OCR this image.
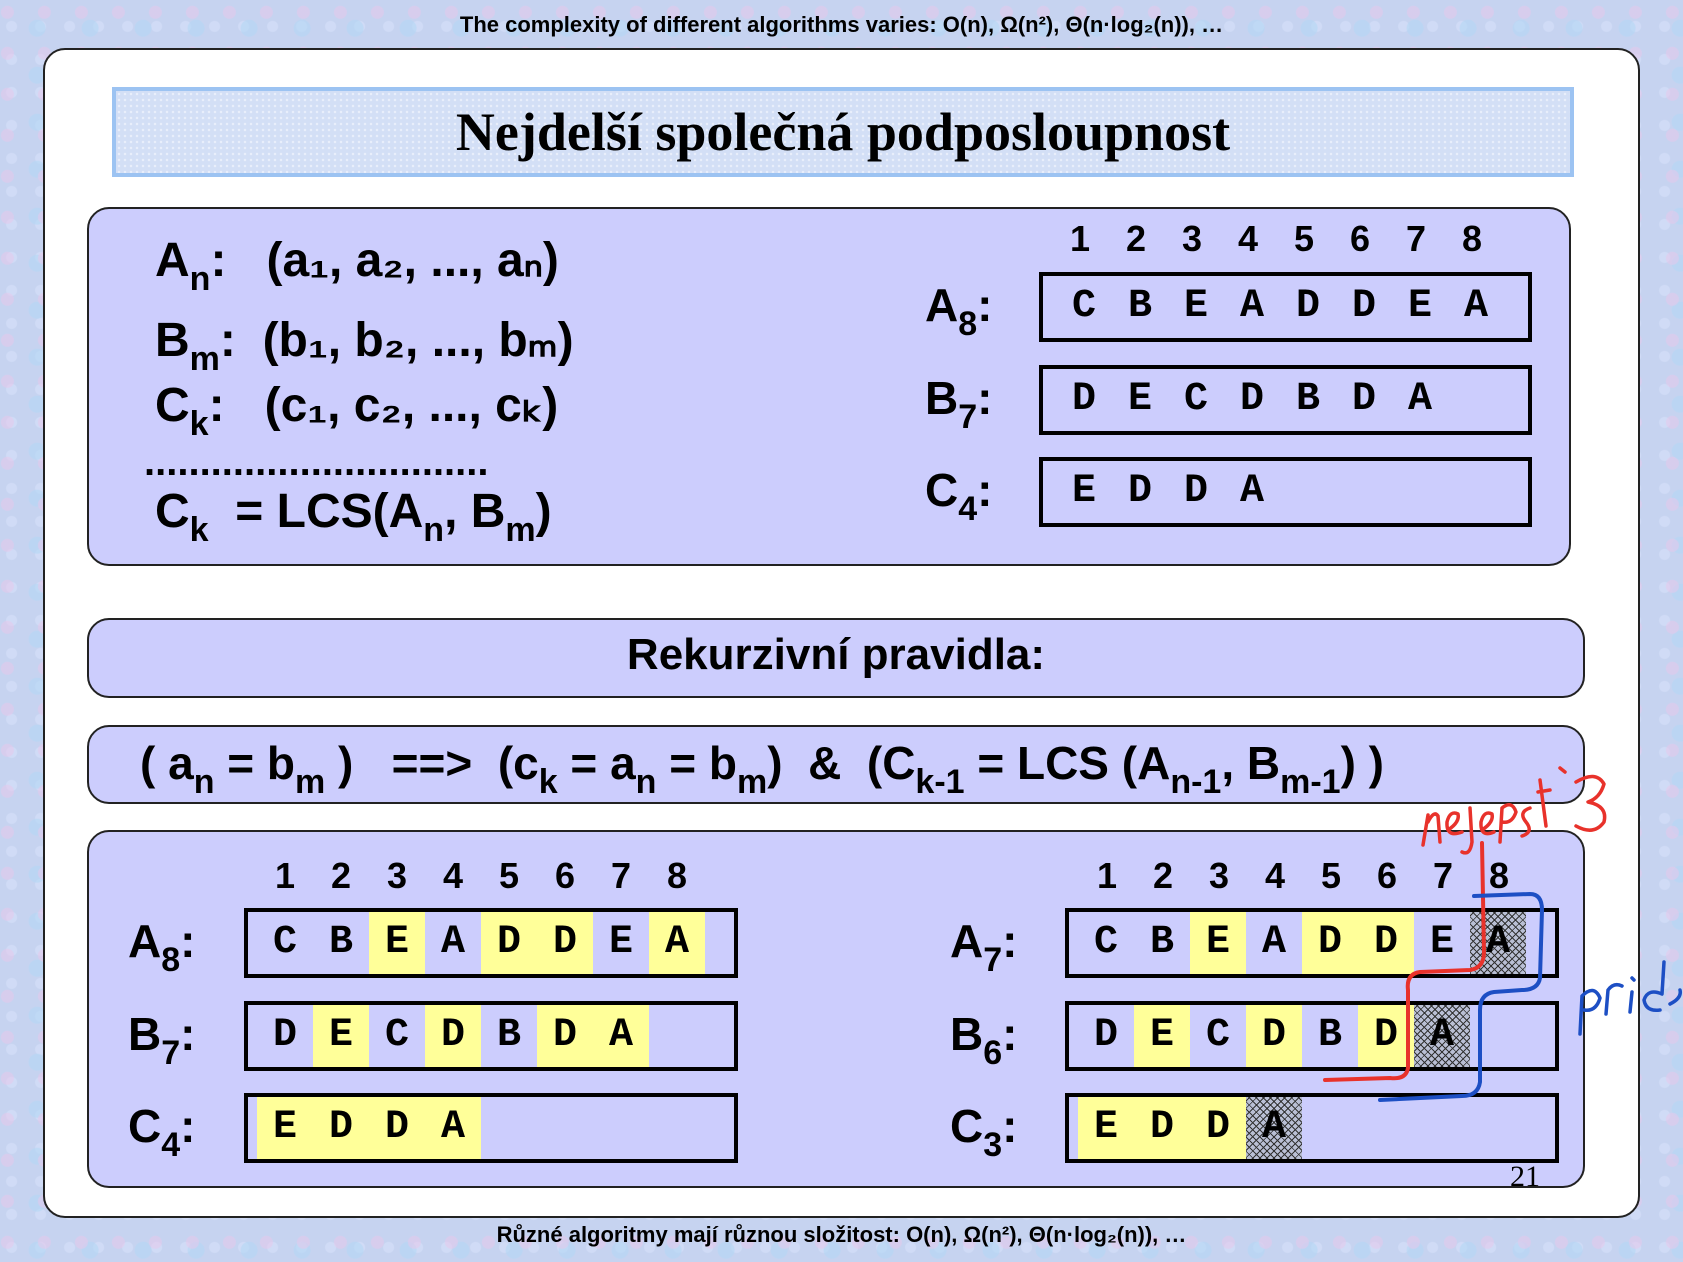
The complexity of different algorithms varies: O(n), Ω(n²), Θ(n·log₂(n)), …
Nejdelší společná podposloupnost
$A_n$:   (a₁, a₂, ..., aₙ)
$B_m$:  (b₁, b₂, ..., bₘ)
$C_k$:   (c₁, c₂, ..., cₖ)
...............................
$C_k = LCS(A_n$, $B_m$)
1 2 3 4 5 6 7 8
$A_8$:	C B E A D D E A
$B_7$:	D E C D B D A
$C_4$:	E D D A
Rekurzivní pravidla:
( $a_n = b_m$ )   ==>  $(c_k = a_n = b_m)$  &  ($C_{k-1}$ = LCS ($A_{n-1}$, $B_{m-1}$) )
1 2 3 4 5 6 7 8	1 2 3 4 5 6 7 8
$A_8$:	C B E A D D E A
$B_7$:	D E C D B D A
$C_4$:	E D D A
$A_7$:	C B E A D D E A
$B_6$:	D E C D B D A
$C_3$:	E D D A
21
Různé algoritmy mají různou složitost: O(n), Ω(n²), Θ(n·log₂(n)), …
